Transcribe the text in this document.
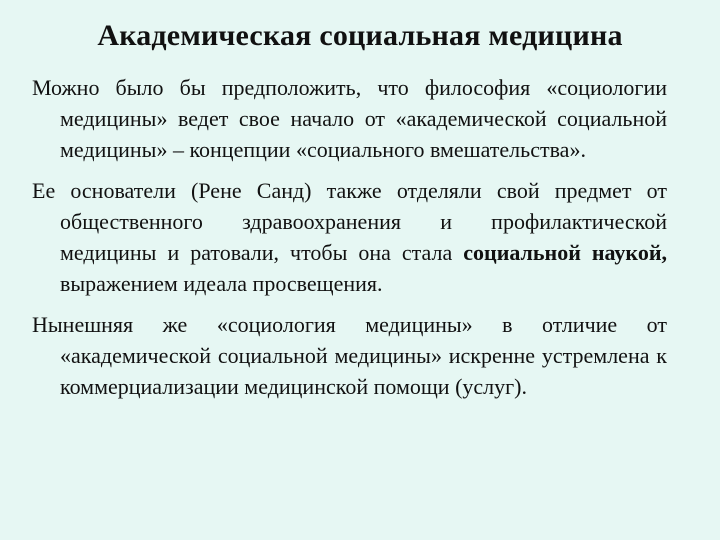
Академическая социальная медицина

Можно было бы предположить, что философия «социологии медицины» ведет свое начало от «академической социальной медицины» – концепции «социального вмешательства».

Ее основатели (Рене Санд) также отделяли свой предмет от общественного здравоохранения и профилактической медицины и ратовали, чтобы она стала социальной наукой, выражением идеала просвещения.

Нынешняя же «социология медицины» в отличие от «академической социальной медицины» искренне устремлена к коммерциализации медицинской помощи (услуг).
